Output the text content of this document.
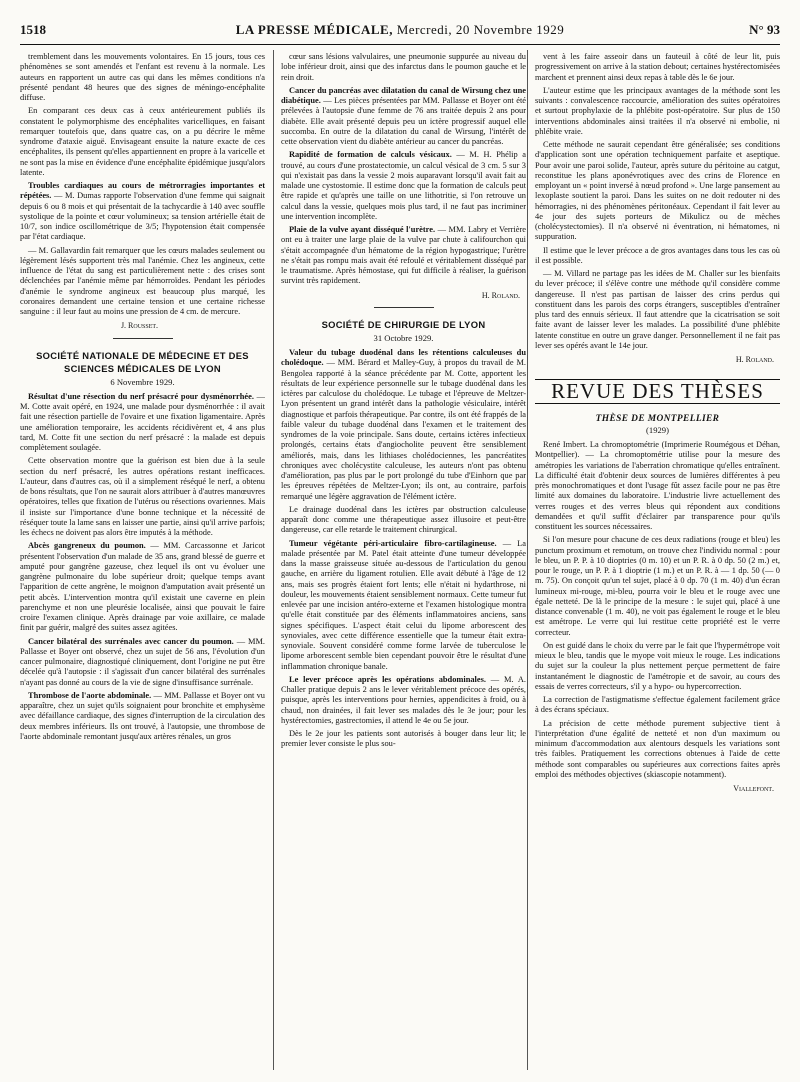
1518	LA PRESSE MÉDICALE, Mercredi, 20 Novembre 1929	N° 93

tremblement dans les mouvements volontaires. En 15 jours, tous ces phénomènes se sont amendés et l'enfant est revenu à la normale. Les auteurs en rapportent un autre cas qui dans les mêmes conditions n'a présenté pendant 48 heures que des signes de méningo-encéphalite diffuse.

En comparant ces deux cas à ceux antérieurement publiés ils constatent le polymorphisme des encéphalites varicelliques, en faisant remarquer toutefois que, dans quatre cas, on a pu décrire le même syndrome d'ataxie aiguë. Envisageant ensuite la nature exacte de ces encéphalites, ils pensent qu'elles appartiennent en propre à la varicelle et ne sont pas la mise en évidence d'une encéphalite épidémique jusqu'alors latente.

Troubles cardiaques au cours de métrorragies importantes et répétées. — M. Dumas rapporte l'observation d'une femme qui saignait depuis 6 ou 8 mois et qui présentait de la tachycardie à 140 avec souffle systolique de la pointe et cœur volumineux; sa tension artérielle était de 10/7, son indice oscillométrique de 3/5; l'hypotension était compensée par l'état cardiaque.

— M. Gallavardin fait remarquer que les cœurs malades seulement ou légèrement lésés supportent très mal l'anémie. Chez les angineux, cette influence de l'état du sang est particulièrement nette : des crises sont déclenchées par l'anémie même par hémorroïdes. Pendant les périodes d'anémie le syndrome angineux est beaucoup plus marqué, les coronaires demandent une certaine tension et une certaine richesse sanguine : il leur faut au moins une pression de 4 cm. de mercure.

J. Rousset.
SOCIÉTÉ NATIONALE DE MÉDECINE ET DES SCIENCES MÉDICALES DE LYON
6 Novembre 1929.

Résultat d'une résection du nerf présacré pour dysménorrhée. — M. Cotte avait opéré, en 1924, une malade pour dysménorrhée : il avait fait une résection partielle de l'ovaire et une fixation ligamentaire. Après une amélioration temporaire, les accidents récidivèrent et, 4 ans plus tard, M. Cotte fit une section du nerf présacré : la malade est depuis complètement soulagée.

Cette observation montre que la guérison est bien due à la seule section du nerf présacré, les autres opérations restant inefficaces. L'auteur, dans d'autres cas, où il a simplement réséqué le nerf, a obtenu de bons résultats, que l'on ne saurait alors attribuer à d'autres manœuvres opératoires, telles que fixation de l'utérus ou résections ovariennes. Mais il insiste sur l'importance d'une bonne technique et la nécessité de réséquer toute la lame sans en laisser une partie, ainsi qu'il arrive parfois; les échecs ne doivent pas alors être imputés à la méthode.

Abcès gangreneux du poumon. — MM. Carcassonne et Jaricot présentent l'observation d'un malade de 35 ans, grand blessé de guerre et amputé pour gangrène gazeuse, chez lequel ils ont vu évoluer une gangrène pulmonaire du lobe supérieur droit; quelque temps avant l'apparition de cette angrène, le moignon d'amputation avait présenté un petit abcès. L'intervention montra qu'il existait une caverne en plein parenchyme et non une pleurésie localisée, ainsi que pouvait le faire croire l'examen clinique. Après drainage par voie axillaire, ce malade finit par guérir, malgré des suites assez agitées.

Cancer bilatéral des surrénales avec cancer du poumon. — MM. Pallasse et Boyer ont observé, chez un sujet de 56 ans, l'évolution d'un cancer pulmonaire, diagnostiqué cliniquement, dont l'origine ne put être décelée qu'à l'autopsie : il s'agissait d'un cancer bilatéral des surrénales n'ayant pas donné au cours de la vie de signe d'insuffisance surrénale.

Thrombose de l'aorte abdominale. — MM. Pallasse et Boyer ont vu apparaître, chez un sujet qu'ils soignaient pour bronchite et emphysème avec défaillance cardiaque, des signes d'interruption de la circulation des deux membres inférieurs. Ils ont trouvé, à l'autopsie, une thrombose de l'aorte abdominale remontant jusqu'aux artères rénales, un gros

cœur sans lésions valvulaires, une pneumonie suppurée au niveau du lobe inférieur droit, ainsi que des infarctus dans le poumon gauche et le rein droit.

Cancer du pancréas avec dilatation du canal de Wirsung chez une diabétique. — Les pièces présentées par MM. Pallasse et Boyer ont été prélevées à l'autopsie d'une femme de 76 ans traitée depuis 2 ans pour diabète. Elle avait présenté depuis peu un ictère progressif auquel elle succomba. En outre de la dilatation du canal de Wirsung, l'intérêt de cette observation vient du diabète antérieur au cancer du pancréas.

Rapidité de formation de calculs vésicaux. — M. H. Phélip a trouvé, au cours d'une prostatectomie, un calcul vésical de 3 cm. 5 sur 3 qui n'existait pas dans la vessie 2 mois auparavant lorsqu'il avait fait au malade une cystostomie. Il estime donc que la formation de calculs peut être rapide et qu'après une taille on une lithotritie, si l'on retrouve un calcul dans la vessie, quelques mois plus tard, il ne faut pas incriminer une intervention incomplète.

Plaie de la vulve ayant disséqué l'urètre. — MM. Labry et Verrière ont eu à traiter une large plaie de la vulve par chute à califourchon qui s'était accompagnée d'un hématome de la région hypogastrique; l'urètre ne s'était pas rompu mais avait été refoulé et véritablement disséqué par le traumatisme. Après hémostase, qui fut difficile à réaliser, la guérison survint très rapidement.

H. Roland.
SOCIÉTÉ DE CHIRURGIE DE LYON
31 Octobre 1929.

Valeur du tubage duodénal dans les rétentions calculeuses du cholédoque. — MM. Bérard et Malley-Guy, à propos du travail de M. Bengolea rapporté à la séance précédente par M. Cotte, apportent les résultats de leur expérience personnelle sur le tubage duodénal dans les ictères par calculose du cholédoque. Le tubage et l'épreuve de Meltzer-Lyon présentent un grand intérêt dans la pathologie vésiculaire, intérêt diagnostique et parfois thérapeutique. Par contre, ils ont été frappés de la faible valeur du tubage duodénal dans l'examen et le traitement des syndromes de la voie principale. Sans doute, certains ictères infectieux prolongés, certains états d'angiocholite peuvent être sensiblement améliorés, mais, dans les lithiases cholédociennes, les pancréatites chroniques avec cholécystite calculeuse, les auteurs n'ont pas obtenu d'amélioration, pas plus par le port prolongé du tube d'Einhorn que par les épreuves répétées de Meltzer-Lyon; ils ont, au contraire, parfois remarqué une légère aggravation de l'élément ictère.

Le drainage duodénal dans les ictères par obstruction calculeuse apparaît donc comme une thérapeutique assez illusoire et peut-être dangereuse, car elle retarde le traitement chirurgical.

Tumeur végétante péri-articulaire fibro-cartilagineuse. — La malade présentée par M. Patel était atteinte d'une tumeur développée dans la masse graisseuse située au-dessous de l'articulation du genou gauche, en arrière du ligament rotulien. Elle avait débuté à l'âge de 12 ans, mais ses progrès étaient fort lents; elle n'était ni hydarthrose, ni douleur, les mouvements étaient sensiblement normaux. Cette tumeur fut enlevée par une incision antéro-externe et l'examen histologique montra qu'elle était constituée par des éléments inflammatoires anciens, sans signes spécifiques. L'aspect était celui du lipome arborescent des synoviales, avec cette différence essentielle que la tumeur était extra-synoviale. Souvent considéré comme forme larvée de tuberculose le lipome arborescent semble bien cependant pouvoir être le résultat d'une inflammation chronique banale.

Le lever précoce après les opérations abdominales. — M. A. Challer pratique depuis 2 ans le lever véritablement précoce des opérés, puisque, après les interventions pour hernies, appendicites à froid, ou à chaud, non drainées, il fait lever ses malades dès le 3e jour; pour les hystérectomies, gastrectomies, il attend le 4e ou 5e jour.

Dès le 2e jour les patients sont autorisés à bouger dans leur lit; le premier lever consiste le plus sou-

vent à les faire asseoir dans un fauteuil à côté de leur lit, puis progressivement on arrive à la station debout; certaines hystérectomisées marchent et prennent ainsi deux repas à table dès le 6e jour.

L'auteur estime que les principaux avantages de la méthode sont les suivants : convalescence raccourcie, amélioration des suites opératoires et surtout prophylaxie de la phlébite post-opératoire. Sur plus de 150 interventions abdominales ainsi traitées il n'a observé ni embolie, ni phlébite vraie.

Cette méthode ne saurait cependant être généralisée; ses conditions d'application sont une opération techniquement parfaite et aseptique. Pour avoir une paroi solide, l'auteur, après suture du péritoine au catgut, reconstitue les plans aponévrotiques avec des crins de Florence en employant un « point inversé à nœud profond ». Une large pansement au lexoplaste soutient la paroi. Dans les suites on ne doit redouter ni des hémorragies, ni des phénomènes péritonéaux. Cependant il fait lever au 4e jour des sujets porteurs de Mikulicz ou de mèches (cholécystectomies). Il n'a observé ni éventration, ni hématomes, ni suppuration.

Il estime que le lever précoce a de gros avantages dans tous les cas où il est possible.

— M. Villard ne partage pas les idées de M. Challer sur les bienfaits du lever précoce; il s'élève contre une méthode qu'il considère comme dangereuse. Il n'est pas partisan de laisser des crins perdus qui constituent dans les parois des corps étrangers, susceptibles d'entraîner plus tard des ennuis sérieux. Il faut attendre que la cicatrisation se soit faite avant de laisser lever les malades. La possibilité d'une phlébite latente constitue en outre un grave danger. Personnellement il ne fait pas lever ses opérés avant le 14e jour.

H. Roland.
REVUE DES THÈSES
THÈSE DE MONTPELLIER
(1929)

René Imbert. La chromoptométrie (Imprimerie Roumégous et Déhan, Montpellier). — La chromoptométrie utilise pour la mesure des amétropies les variations de l'aberration chromatique qu'elles entraînent. La difficulté était d'obtenir deux sources de lumières différentes à peu près monochromatiques et dont l'usage fût assez facile pour ne pas être limité aux domaines du laboratoire. L'industrie livre actuellement des verres rouges et des verres bleus qui répondent aux conditions demandées et qu'il suffit d'éclairer par transparence pour qu'ils constituent les sources nécessaires.

Si l'on mesure pour chacune de ces deux radiations (rouge et bleu) les punctum proximum et remotum, on trouve chez l'individu normal : pour le bleu, un P. P. à 10 dioptries (0 m. 10) et un P. R. à 0 dp. 50 (2 m.) et, pour le rouge, un P. P. à 1 dioptrie (1 m.) et un P. R. à — 1 dp. 50 (— 0 m. 75). On conçoit qu'un tel sujet, placé à 0 dp. 70 (1 m. 40) d'un écran lumineux mi-rouge, mi-bleu, pourra voir le bleu et le rouge avec une égale netteté. De là le principe de la mesure : le sujet qui, placé à une distance convenable (1 m. 40), ne voit pas également le rouge et le bleu est amétrope. Le verre qui lui restitue cette propriété est le verre correcteur.

On est guidé dans le choix du verre par le fait que l'hypermétrope voit mieux le bleu, tandis que le myope voit mieux le rouge. Les indications du sujet sur la couleur la plus nettement perçue permettent de faire instantanément le diagnostic de l'amétropie et de savoir, au cours des essais de verres correcteurs, s'il y a hypo- ou hypercorrection.

La correction de l'astigmatisme s'effectue également facilement grâce à des écrans spéciaux.

La précision de cette méthode purement subjective tient à l'interprétation d'une égalité de netteté et non d'un maximum ou minimum d'accommodation aux alentours desquels les variations sont très faibles. Pratiquement les corrections obtenues à l'aide de cette méthode sont comparables ou supérieures aux corrections faites après emploi des méthodes objectives (skiascopie notamment).

Viallefont.
